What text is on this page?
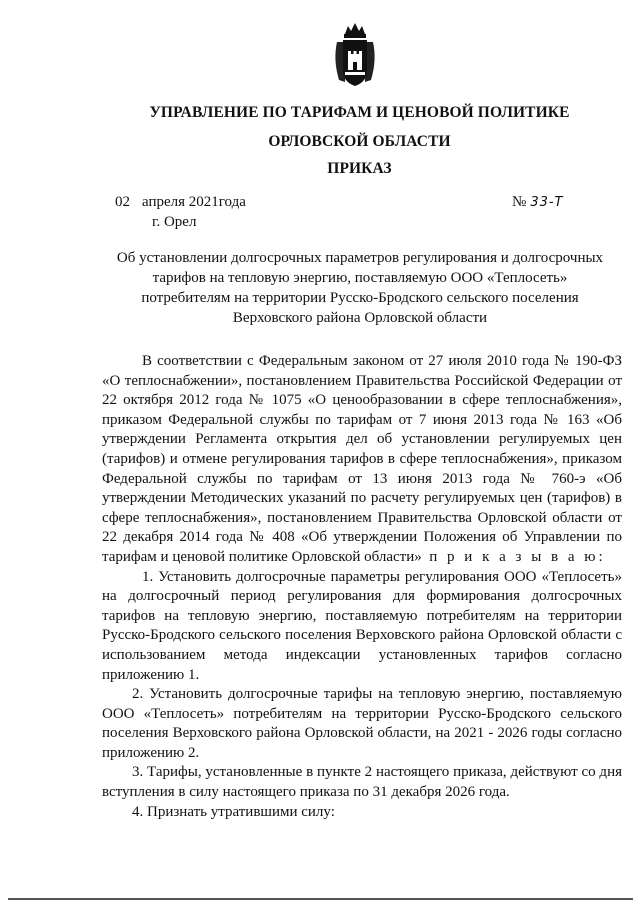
УПРАВЛЕНИЕ ПО ТАРИФАМ И ЦЕНОВОЙ ПОЛИТИКЕ
ОРЛОВСКОЙ ОБЛАСТИ
ПРИКАЗ
02 апреля 2021года
г. Орел
№ 33-Т
Об установлении долгосрочных параметров регулирования и долгосрочных
тарифов на тепловую энергию, поставляемую ООО «Теплосеть»
потребителям на территории Русско-Бродского сельского поселения
Верховского района Орловской области

В соответствии с Федеральным законом от 27 июля 2010 года № 190-ФЗ «О теплоснабжении», постановлением Правительства Российской Федерации от 22 октября 2012 года № 1075 «О ценообразовании в сфере теплоснабжения», приказом Федеральной службы по тарифам от 7 июня 2013 года № 163 «Об утверждении Регламента открытия дел об установлении регулируемых цен (тарифов) и отмене регулирования тарифов в сфере теплоснабжения», приказом Федеральной службы по тарифам от 13 июня 2013 года № 760-э «Об утверждении Методических указаний по расчету регулируемых цен (тарифов) в сфере теплоснабжения», постановлением Правительства Орловской области от 22 декабря 2014 года № 408 «Об утверждении Положения об Управлении по тарифам и ценовой политике Орловской области» п р и к а з ы в а ю:

1. Установить долгосрочные параметры регулирования ООО «Теплосеть» на долгосрочный период регулирования для формирования долгосрочных тарифов на тепловую энергию, поставляемую потребителям на территории Русско-Бродского сельского поселения Верховского района Орловской области с использованием метода индексации установленных тарифов согласно приложению 1.

2. Установить долгосрочные тарифы на тепловую энергию, поставляемую ООО «Теплосеть» потребителям на территории Русско-Бродского сельского поселения Верховского района Орловской области, на 2021 - 2026 годы согласно приложению 2.

3. Тарифы, установленные в пункте 2 настоящего приказа, действуют со дня вступления в силу настоящего приказа по 31 декабря 2026 года.

4. Признать утратившими силу:
